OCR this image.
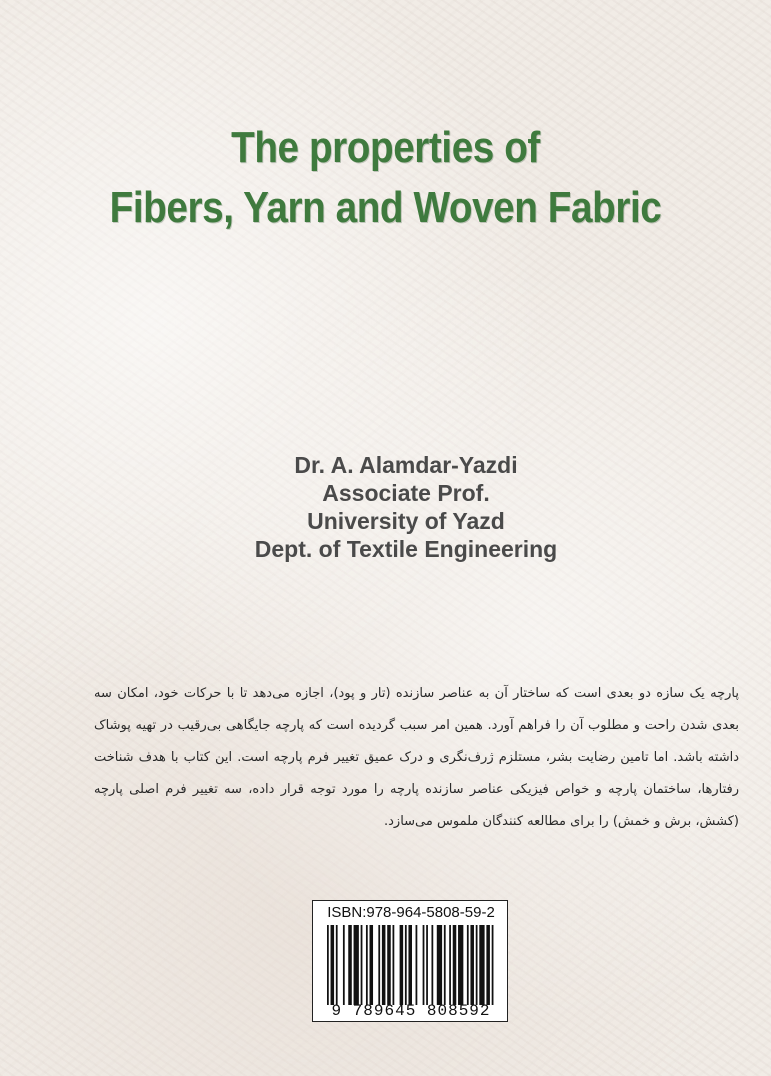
The properties of
Fibers, Yarn and Woven Fabric
Dr. A. Alamdar-Yazdi
Associate Prof.
University of Yazd
Dept. of Textile Engineering
پارچه یک سازه دو بعدی است که ساختار آن به عناصر سازنده (تار و پود)، اجازه می‌دهد تا با حرکات خود، امکان سه بعدی شدن راحت و مطلوب آن را فراهم آورد. همین امر سبب گردیده است که پارچه جایگاهی بی‌رقیب در تهیه پوشاک داشته باشد. اما تامین رضایت بشر، مستلزم ژرف‌نگری و درک عمیق تغییر فرم پارچه است. این کتاب با هدف شناخت رفتارها، ساختمان پارچه و خواص فیزیکی عناصر سازنده پارچه را مورد توجه قرار داده، سه تغییر فرم اصلی پارچه (کشش، برش و خمش) را برای مطالعه کنندگان ملموس می‌سازد.
ISBN:978-964-5808-59-2
9 789645 808592
